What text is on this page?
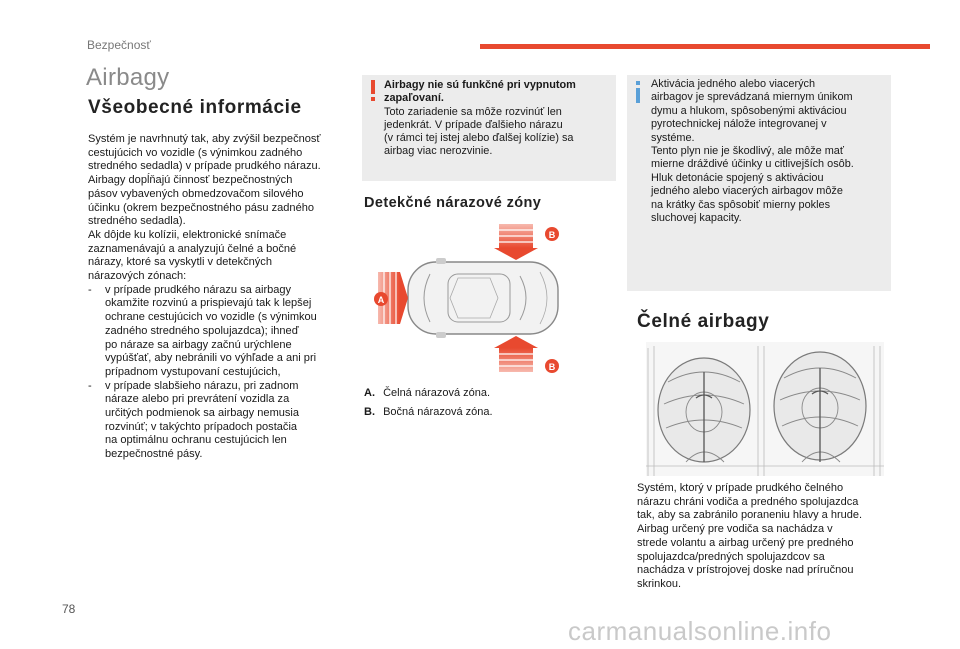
Bezpečnosť
Airbagy
Všeobecné informácie
Systém je navrhnutý tak, aby zvýšil bezpečnosť
cestujúcich vo vozidle (s výnimkou zadného
stredného sedadla) v prípade prudkého nárazu.
Airbagy dopĺňajú činnosť bezpečnostných
pásov vybavených obmedzovačom silového
účinku (okrem bezpečnostného pásu zadného
stredného sedadla).
Ak dôjde ku kolízii, elektronické snímače
zaznamenávajú a analyzujú čelné a bočné
nárazy, ktoré sa vyskytli v detekčných
nárazových zónach:
-	v prípade prudkého nárazu sa airbagy
okamžite rozvinú a prispievajú tak k lepšej
ochrane cestujúcich vo vozidle (s výnimkou
zadného stredného spolujazdca); ihneď
po náraze sa airbagy začnú urýchlene
vypúšťať, aby nebránili vo výhľade a ani pri
prípadnom vystupovaní cestujúcich,
-	v prípade slabšieho nárazu, pri zadnom
náraze alebo pri prevrátení vozidla za
určitých podmienok sa airbagy nemusia
rozvinúť; v takýchto prípadoch postačia
na optimálnu ochranu cestujúcich len
bezpečnostné pásy.
Airbagy nie sú funkčné pri vypnutom
zapaľovaní.
Toto zariadenie sa môže rozvinúť len
jedenkrát. V prípade ďalšieho nárazu
(v rámci tej istej alebo ďalšej kolízie) sa
airbag viac nerozvinie.
Detekčné nárazové zóny
A
B
B
A. Čelná nárazová zóna.
B. Bočná nárazová zóna.
Aktivácia jedného alebo viacerých
airbagov je sprevádzaná miernym únikom
dymu a hlukom, spôsobenými aktiváciou
pyrotechnickej nálože integrovanej v
systéme.
Tento plyn nie je škodlivý, ale môže mať
mierne dráždivé účinky u citlivejších osôb.
Hluk detonácie spojený s aktiváciou
jedného alebo viacerých airbagov môže
na krátky čas spôsobiť mierny pokles
sluchovej kapacity.
Čelné airbagy
Systém, ktorý v prípade prudkého čelného
nárazu chráni vodiča a predného spolujazdca
tak, aby sa zabránilo poraneniu hlavy a hrude.
Airbag určený pre vodiča sa nachádza v
strede volantu a airbag určený pre predného
spolujazdca/predných spolujazdcov sa
nachádza v prístrojovej doske nad príručnou
skrinkou.
78
carmanualsonline.info
